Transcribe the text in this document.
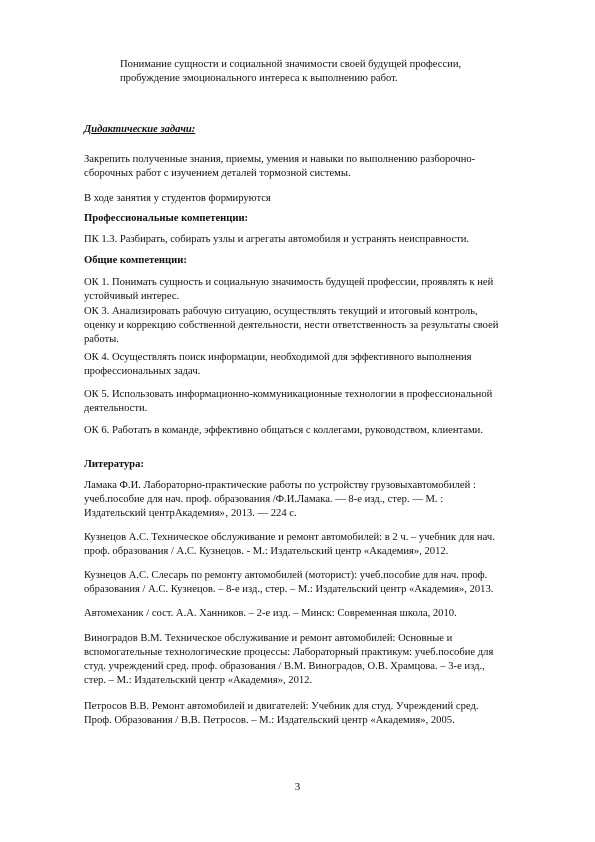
Понимание сущности и социальной значимости своей будущей профессии,
пробуждение эмоционального интереса к выполнению работ.
Дидактические задачи:
Закрепить полученные знания, приемы, умения и навыки по выполнению разборочно-
сборочных работ с изучением деталей тормозной системы.
В ходе занятия у студентов формируются
Профессиональные компетенции:
ПК 1.3. Разбирать, собирать узлы и агрегаты автомобиля и устранять неисправности.
Общие компетенции:
ОК 1. Понимать сущность и социальную значимость будущей профессии, проявлять к ней
устойчивый интерес.
ОК 3. Анализировать рабочую ситуацию, осуществлять текущий и итоговый контроль,
оценку и коррекцию собственной деятельности, нести ответственность за результаты своей
работы.
ОК 4. Осуществлять поиск информации, необходимой для эффективного выполнения
профессиональных задач.
ОК 5. Использовать информационно-коммуникационные технологии в профессиональной
деятельности.
ОК 6. Работать в команде, эффективно общаться с коллегами, руководством, клиентами.
Литература:
Ламака Ф.И. Лабораторно-практические работы по устройству грузовыхавтомобилей :
учеб.пособие для нач. проф. образования /Ф.И.Ламака. — 8-е изд., стер. — М. :
Издательский центрАкадемия»‚ 2013. — 224 с.
Кузнецов А.С. Техническое обслуживание и ремонт автомобилей: в 2 ч. – учебник для нач.
проф. образования / А.С. Кузнецов. - М.: Издательский центр «Академия», 2012.
Кузнецов А.С. Слесарь по ремонту автомобилей (моторист): учеб.пособие для нач. проф.
образования / А.С. Кузнецов. – 8-е изд., стер. – М.: Издательский центр «Академия», 2013.
Автомеханик / сост. А.А. Ханников. – 2-е изд. – Минск: Современная школа, 2010.
Виноградов В.М. Техническое обслуживание и ремонт автомобилей: Основные и
вспомогательные технологические процессы: Лабораторный практикум: учеб.пособие для
студ. учреждений сред. проф. образования / В.М. Виноградов, О.В. Храмцова. – 3-е изд.,
стер. – М.: Издательский центр «Академия», 2012.
Петросов В.В. Ремонт автомобилей и двигателей: Учебник для студ. Учреждений сред.
Проф. Образования / В.В. Петросов. – М.: Издательский центр «Академия», 2005.
3
